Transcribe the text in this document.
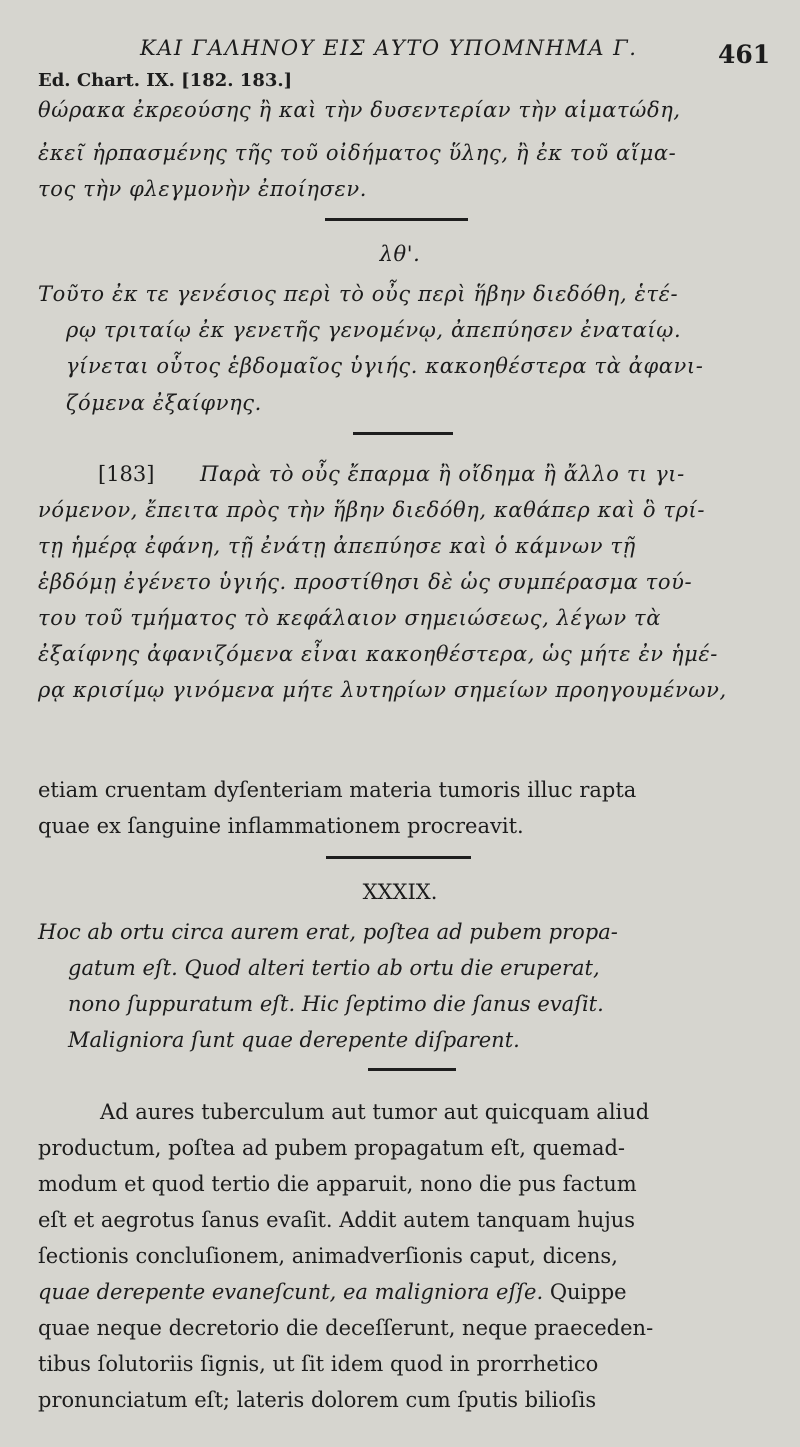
ΚΑΙ ΓΑΛΗΝΟΥ ΕΙΣ ΑΥΤΟ ΥΠΟΜΝΗΜΑ Γ.	461
Ed. Chart. IX. [182. 183.]
θώρακα ἐκρεούσης ἢ καὶ τὴν δυσεντερίαν τὴν αἱματώδη,
ἐκεῖ ἡρπασμένης τῆς τοῦ οἰδήματος ὕλης, ἢ ἐκ τοῦ αἵμα-
τος τὴν φλεγμονὴν ἐποίησεν.
λθ'.
Τοῦτο ἐκ τε γενέσιος περὶ τὸ οὖς περὶ ἥβην διεδόθη, ἑτέ-
ρῳ τριταίῳ ἐκ γενετῆς γενομένῳ, ἀπεπύησεν ἐναταίῳ.
γίνεται οὗτος ἑβδομαῖος ὑγιής. κακοηθέστερα τὰ ἀφανι-
ζόμενα ἐξαίφνης.
[183] Παρὰ τὸ οὖς ἔπαρμα ἢ οἴδημα ἢ ἄλλο τι γι-
νόμενον, ἔπειτα πρὸς τὴν ἥβην διεδόθη, καθάπερ καὶ ὃ τρί-
τῃ ἡμέρᾳ ἐφάνη, τῇ ἐνάτῃ ἀπεπύησε καὶ ὁ κάμνων τῇ
ἑβδόμῃ ἐγένετο ὑγιής. προστίθησι δὲ ὡς συμπέρασμα τού-
του τοῦ τμήματος τὸ κεφάλαιον σημειώσεως, λέγων τὰ
ἐξαίφνης ἀφανιζόμενα εἶναι κακοηθέστερα, ὡς μήτε ἐν ἡμέ-
ρᾳ κρισίμῳ γινόμενα μήτε λυτηρίων σημείων προηγουμένων,
etiam cruentam dyſenteriam materia tumoris illuc rapta
quae ex ſanguine inflammationem procreavit.
XXXIX.
Hoc ab ortu circa aurem erat, poſtea ad pubem propa-
gatum eſt. Quod alteri tertio ab ortu die eruperat,
nono ſuppuratum eſt. Hic ſeptimo die ſanus evaſit.
Maligniora ſunt quae derepente diſparent.
Ad aures tuberculum aut tumor aut quicquam aliud
productum, poſtea ad pubem propagatum eſt, quemad-
modum et quod tertio die apparuit, nono die pus factum
eſt et aegrotus ſanus evaſit. Addit autem tanquam hujus
ſectionis concluſionem, animadverſionis caput, dicens,
quae derepente evaneſcunt, ea maligniora eſſe. Quippe
quae neque decretorio die deceſſerunt, neque praeceden-
tibus ſolutoriis ſignis, ut ſit idem quod in prorrhetico
pronunciatum eſt; lateris dolorem cum ſputis bilioſis
